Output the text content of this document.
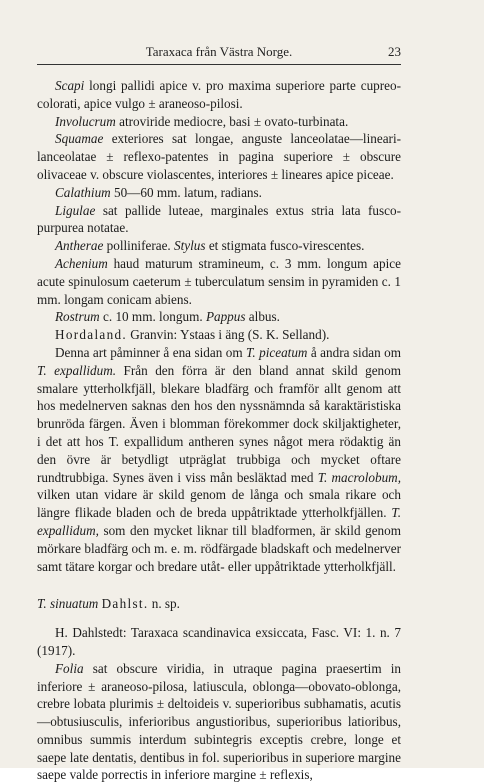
Taraxaca från Västra Norge.	23

Scapi longi pallidi apice v. pro maxima superiore parte cupreo-colorati, apice vulgo ± araneoso-pilosi.

Involucrum atroviride mediocre, basi ± ovato-turbinata.

Squamae exteriores sat longae, anguste lanceolatae—lineari-lanceolatae ± reflexo-patentes in pagina superiore ± obscure olivaceae v. obscure violascentes, interiores ± lineares apice piceae.

Calathium 50—60 mm. latum, radians.

Ligulae sat pallide luteae, marginales extus stria lata fusco-purpurea notatae.

Antherae polliniferae. Stylus et stigmata fusco-virescentes.

Achenium haud maturum stramineum, c. 3 mm. longum apice acute spinulosum caeterum ± tuberculatum sensim in pyramiden c. 1 mm. longam conicam abiens.

Rostrum c. 10 mm. longum. Pappus albus.

Hordaland. Granvin: Ystaas i äng (S. K. Selland).

Denna art påminner å ena sidan om T. piceatum å andra sidan om T. expallidum. Från den förra är den bland annat skild genom smalare ytterholkfjäll, blekare bladfärg och framför allt genom att hos medelnerven saknas den hos den nyssnämnda så karaktäristiska brunröda färgen. Även i blomman förekommer dock skiljaktigheter, i det att hos T. expallidum antheren synes något mera rödaktig än den övre är betydligt utpräglat trubbiga och mycket oftare rundtrubbiga. Synes även i viss mån besläktad med T. macrolobum, vilken utan vidare är skild genom de långa och smala rikare och längre flikade bladen och de breda uppåtriktade ytterholkfjällen. T. expallidum, som den mycket liknar till bladformen, är skild genom mörkare bladfärg och m. e. m. rödfärgade bladskaft och medelnerver samt tätare korgar och bredare utåt- eller uppåtriktade ytterholkfjäll.

T. sinuatum Dahlst. n. sp.

H. Dahlstedt: Taraxaca scandinavica exsiccata, Fasc. VI: 1. n. 7 (1917).

Folia sat obscure viridia, in utraque pagina praesertim in inferiore ± araneoso-pilosa, latiuscula, oblonga—obovato-oblonga, crebre lobata plurimis ± deltoideis v. superioribus subhamatis, acutis—obtusiusculis, inferioribus angustioribus, superioribus latioribus, omnibus summis interdum subintegris exceptis crebre, longe et saepe late dentatis, dentibus in fol. superioribus in superiore margine saepe valde porrectis in inferiore margine ± reflexis,
